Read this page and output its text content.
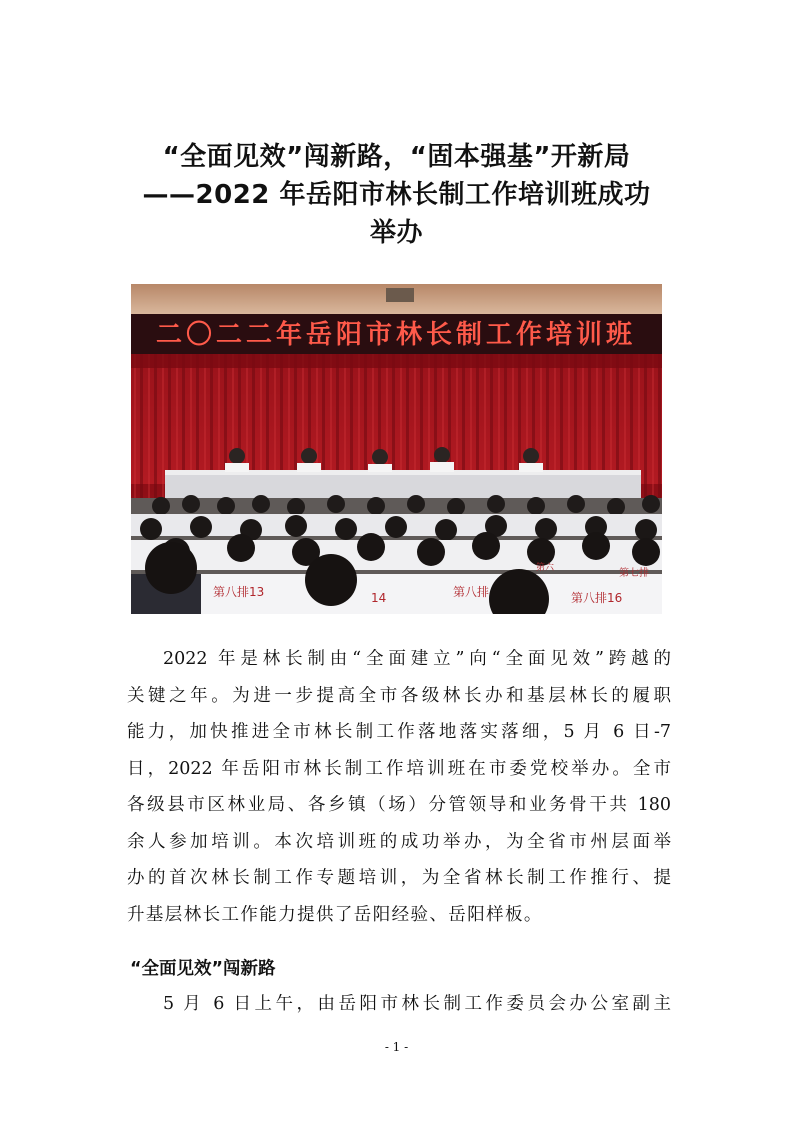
“全面见效”闯新路，“固本强基”开新局
——2022 年岳阳市林长制工作培训班成功
举办
二〇二二年岳阳市林长制工作培训班
第八排13	14	第八排	第八排16
第七排
第六
2022 年是林长制由“全面建立”向“全面见效”跨越的
关键之年。为进一步提高全市各级林长办和基层林长的履职
能力，加快推进全市林长制工作落地落实落细，5 月 6 日-7
日，2022 年岳阳市林长制工作培训班在市委党校举办。全市
各级县市区林业局、各乡镇（场）分管领导和业务骨干共 180
余人参加培训。本次培训班的成功举办，为全省市州层面举
办的首次林长制工作专题培训，为全省林长制工作推行、提
升基层林长工作能力提供了岳阳经验、岳阳样板。
“全面见效”闯新路
5 月 6 日上午，由岳阳市林长制工作委员会办公室副主
- 1 -
